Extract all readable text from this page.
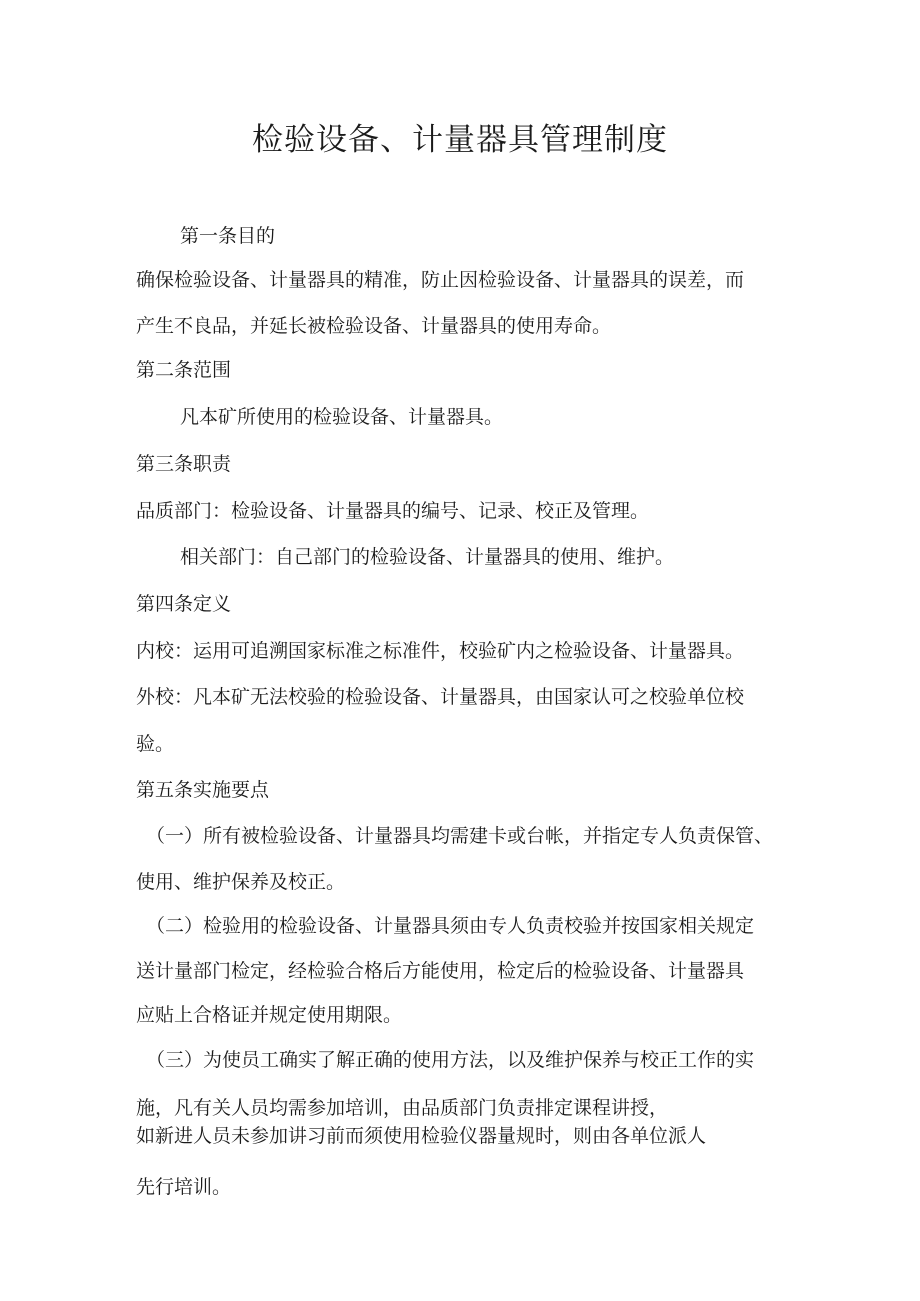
检验设备、计量器具管理制度
第一条目的
确保检验设备、计量器具的精准，防止因检验设备、计量器具的误差，而
产生不良品，并延长被检验设备、计量器具的使用寿命。
第二条范围
凡本矿所使用的检验设备、计量器具。
第三条职责
品质部门：检验设备、计量器具的编号、记录、校正及管理。
相关部门：自己部门的检验设备、计量器具的使用、维护。
第四条定义
内校：运用可追溯国家标准之标准件，校验矿内之检验设备、计量器具。
外校：凡本矿无法校验的检验设备、计量器具，由国家认可之校验单位校
验。
第五条实施要点
（一）所有被检验设备、计量器具均需建卡或台帐，并指定专人负责保管、
使用、维护保养及校正。
（二）检验用的检验设备、计量器具须由专人负责校验并按国家相关规定
送计量部门检定，经检验合格后方能使用，检定后的检验设备、计量器具
应贴上合格证并规定使用期限。
（三）为使员工确实了解正确的使用方法，以及维护保养与校正工作的实
施，凡有关人员均需参加培训，由品质部门负责排定课程讲授，
如新进人员未参加讲习前而须使用检验仪器量规时，则由各单位派人
先行培训。
